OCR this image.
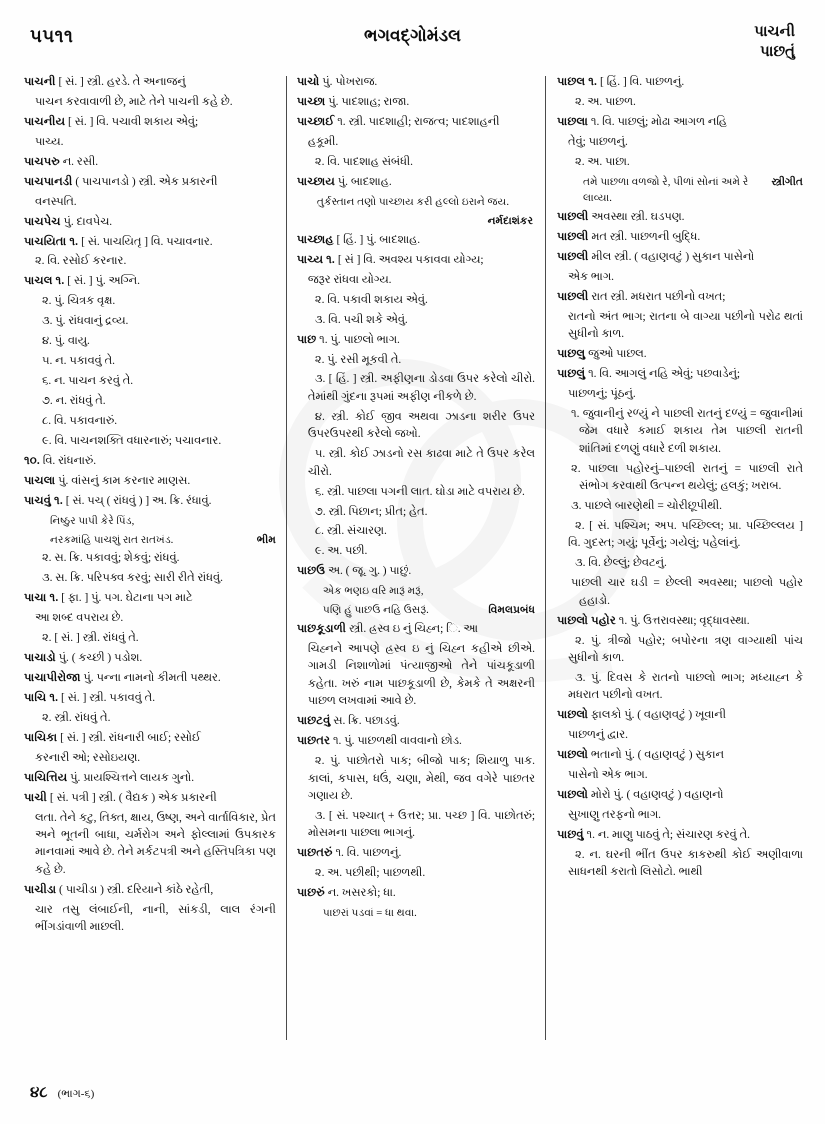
૫૫૧૧	ભગવદ્ગોમંડલ	પાચની
પાછતું
પાચની [ સં. ] સ્ત્રી. હરડે. તે અનાજનું
પાચન કરવાવાળી છે, માટે તેને પાચની કહે છે.
પાચનીય [ સં. ] વિ. પચાવી શકાય એવું;
પાચ્ય.
પાચપરુ ન. રસી.
પાચપાનડી ( પાચપાનડો ) સ્ત્રી. એક પ્રકારની
વનસ્પતિ.
પાચપેચ પું. દાવપેચ.
પાચયિતા ૧. [ સં. પાચયિતૃ ] વિ. પચાવનાર.
૨. વિ. રસોઈ કરનાર.
પાચલ ૧. [ સં. ] પું. અગ્નિ.
૨. પું. ચિત્રક વૃક્ષ.
૩. પું. રાંધવાનું દ્રવ્ય.
૪. પું. વાયુ.
૫. ન. પકાવવું તે.
૬. ન. પાચન કરવું તે.
૭. ન. રાંધવું તે.
૮. વિ. પકાવનારું.
૯. વિ. પાચનશક્તિ વધારનારું; પચાવનાર.
૧૦. વિ. રાંધનારું.
પાચલા પું. વાંસનું કામ કરનાર માણસ.
પાચવું ૧. [ સં. પચ્ ( રાંધવું ) ] અ. ક્રિ. રંધાવું.
નિષ્ઠુર પાપી કેરે પિંડ,
ભીમ
નરકમાંહિ પાચશું રાત રાતખંડ.
૨. સ. ક્રિ. પકાવવું; શેકવું; રાંધવું.
૩. સ. ક્રિ. પરિપક્વ કરવું; સારી રીતે રાંધવું.
પાચા ૧. [ ફા. ] પું. પગ. ઘેટાના પગ માટે
આ શબ્દ વપરાય છે.
૨. [ સં. ] સ્ત્રી. રાંધવું તે.
પાચાડો પું. ( કચ્છી ) પડોશ.
પાચાપીરોજા પું. પન્ના નામનો કીમતી પથ્થર.
પાચિ ૧. [ સં. ] સ્ત્રી. પકાવવું તે.
૨. સ્ત્રી. રાંધવું તે.
પાચિકા [ સં. ] સ્ત્રી. રાંધનારી બાઈ; રસોઈ
કરનારી ઓ; રસોઇયણ.
પાચિત્તિય પું. પ્રાયશ્ચિત્તને લાયક ગુનો.
પાચી [ સં. પત્રી ] સ્ત્રી. ( વૈદ્યક ) એક પ્રકારની
લતા. તેને કટુ, તિક્ત, ક્ષાય, ઉષ્ણ, અને વાર્તાવિકાર, પ્રેત અને ભૂતની બાધા, ચર્મરોગ અને ફોલ્લામાં ઉપકારક માનવામાં આવે છે. તેને મર્કટપત્રી અને હસ્તિપત્રિકા પણ કહે છે.
પાચીડા ( પાચીડા ) સ્ત્રી. દરિયાને કાંઠે રહેતી,
ચાર તસુ લંબાઈની, નાની, સાંકડી, લાલ રંગની ભીંગડાંવાળી માછલી.
પાચો પું. પોખરાજ.
પાચ્છા પું. પાદશાહ; રાજા.
પાચ્છાઈ ૧. સ્ત્રી. પાદશાહી; રાજત્વ; પાદશાહની
હકૂમી.
૨. વિ. પાદશાહ સંબંધી.
પાચ્છાય પું. બાદશાહ.
તુર્કસ્તાન તણો પાચ્છાય કરી હલ્લો ઇરાને જય.
નર્મદાશંકર
પાચ્છાહ [ હિં. ] પું. બાદશાહ.
પાચ્ય ૧. [ સં ] વિ. અવશ્ય પકાવવા યોગ્ય;
જરૂર રાંધવા યોગ્ય.
૨. વિ. પકાવી શકાય એવું.
૩. વિ. પચી શકે એવું.
પાછ ૧. પું. પાછલો ભાગ.
૨. પું. રસી મૂકવી તે.
૩. [ હિં. ] સ્ત્રી. અફીણના ડોડવા ઉપર કરેલો ચીરો. તેમાંથી ગુંદના રૂપમાં અફીણ નીકળે છે.
૪. સ્ત્રી. કોઈ જીવ અથવા ઝાડના શરીર ઉપર ઉપરઉપરથી કરેલો જખો.
૫. સ્ત્રી. કોઈ ઝાડનો રસ કાઢવા માટે તે ઉપર કરેલ ચીરો.
૬. સ્ત્રી. પાછલા પગની લાત. ઘોડા માટે વપરાય છે.
૭. સ્ત્રી. પિછાન; પ્રીત; હેત.
૮. સ્ત્રી. સંચારણ.
૯. અ. પછી.
પાછઉ અ. ( જૂ. ગુ. ) પાછું.
એક ભણઇ વરિ મારૂં મરૂં,
વિમલપ્રબંધ
પણિ હું પાછઉ નહિ ઉસરૂં.
પાછકૂડાળી સ્ત્રી. હ્રસ્વ ઇ નું ચિહ્ન; િ. આ
ચિહ્નને આપણે હ્રસ્વ ઇ નું ચિહ્ન કહીએ છીએ. ગામડી નિશાળોમાં પંત્યાજીઓ તેને પાંચકૂડાળી કહેતા. ખરું નામ પાછકૂડાળી છે, કેમકે તે અક્ષરની પાછળ લખવામાં આવે છે.
પાછટવું સ. ક્રિ. પછાડવું.
પાછતર ૧. પું. પાછળથી વાવવાનો છોડ.
૨. પું. પાછોતરો પાક; બીજો પાક; શિયાળુ પાક. કાલાં, કપાસ, ધઉં, ચણા, મેથી, જવ વગેરે પાછતર ગણાય છે.
૩. [ સં. પશ્ચાત્ + ઉત્તર; પ્રા. પચ્છ ] વિ. પાછોતરું; મોસમના પાછલા ભાગનું.
પાછતરું ૧. વિ. પાછળનું.
૨. અ. પછીથી; પાછળથી.
પાછરું ન. ખસરકો; ધા.
પાછરાં પડવાં = ધા થવા.
પાછલ ૧. [ હિં. ] વિ. પાછળનું.
૨. અ. પાછળ.
પાછલા ૧. વિ. પાછલું; મોઢા આગળ નહિ
તેવું; પાછળનું.
૨. અ. પાછા.
સ્ત્રીગીત
તમે પાછળા વળજો રે, પીળાં સોનાં અમે રે લાવ્યા.
પાછલી અવસ્થા સ્ત્રી. ઘડપણ.
પાછલી મત સ્ત્રી. પાછળની બુદ્ધિ.
પાછલી મીલ સ્ત્રી. ( વહાણવટું ) સુકાન પાસેનો
એક ભાગ.
પાછલી રાત સ્ત્રી. મધરાત પછીનો વખત;
રાતનો અંત ભાગ; રાતના બે વાગ્યા પછીનો પરોઢ થતાં સુધીનો કાળ.
પાછલુ જુઓ પાછલ.
પાછલું ૧. વિ. આગલું નહિ એવું; પછવાડેનું;
પાછળનું; પૂંઠનું.
૧. જુવાનીનું રળ્યું ને પાછલી રાતનું દળ્યું = જુવાનીમાં જેમ વધારે કમાઈ શકાય તેમ પાછલી રાતની શાંતિમાં દળણું વધારે દળી શકાય.
૨. પાછલા પહોરનું–પાછલી રાતનું = પાછલી રાતે સંભોગ કરવાથી ઉત્પન્ન થયેલું; હલકું; ખરાબ.
૩. પાછલે બારણેથી = ચોરીછૂપીથી.
૨. [ સં. પશ્ચિમ; અપ. પચ્છિલ્લ; પ્રા. પચ્છિલ્લય ] વિ. ગુદસ્ત; ગયું; પૂર્વેનું; ગયેલું; પહેલાંનું.
૩. વિ. છેલ્લું; છેવટનું.
પાછલી ચાર ઘડી = છેલ્લી અવસ્થા; પાછલો પહોર હહાડો.
પાછલો પહોર ૧. પું. ઉત્તરાવસ્થા; વૃદ્ધાવસ્થા.
૨. પું. ત્રીજો પહોર; બપોરના ત્રણ વાગ્યાથી પાંચ સુધીનો કાળ.
૩. પું. દિવસ કે રાતનો પાછલો ભાગ; મધ્યાહ્ન કે મધરાત પછીનો વખત.
પાછલો ફાલકો પું. ( વહાણવટું ) ખૂવાની
પાછળનું દ્વાર.
પાછલો ભતાનો પું. ( વહાણવટું ) સુકાન
પાસેનો એક ભાગ.
પાછલો મોરો પું. ( વહાણવટું ) વહાણનો
સુખાણુ તરફનો ભાગ.
પાછવું ૧. ન. માણુ પાઠવું તે; સંચારણ કરવું તે.
૨. ન. ઘરની ભીંત ઉપર કાકરુથી કોઈ અણીવાળા સાધનથી કરાતો લિસોટો. ભાથી
૪૮ (ભાગ-૬)
